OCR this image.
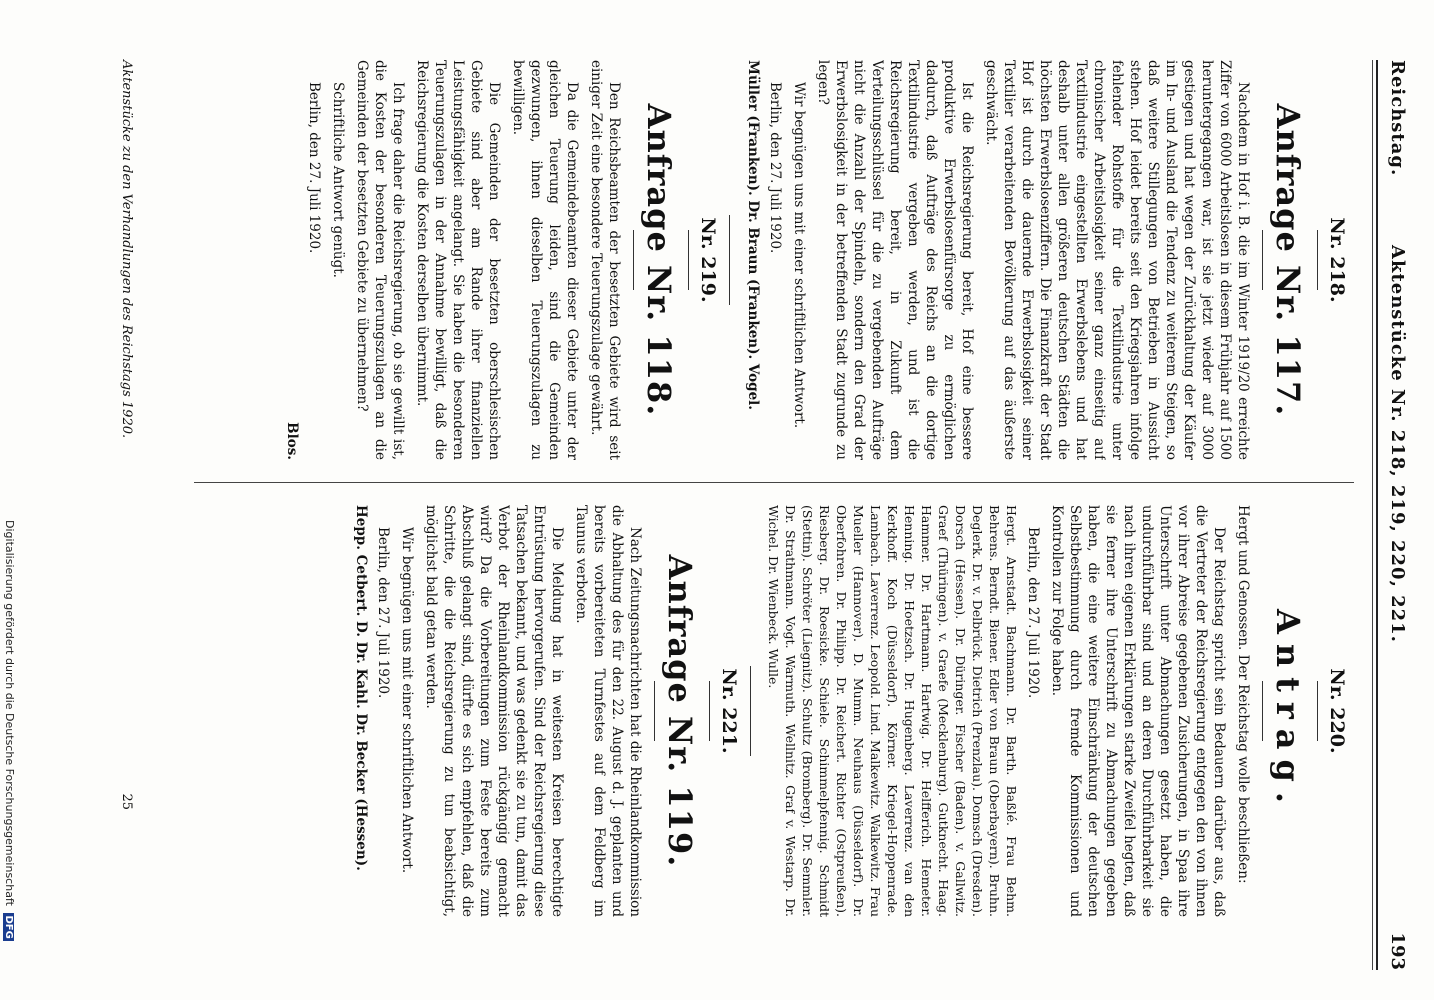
Reichstag.
Aktenstücke Nr. 218, 219, 220, 221.
193
Nr. 218.
Anfrage Nr. 117.

Nachdem in Hof i. B. die im Winter 1919/20 erreichte Ziffer von 6000 Arbeitslosen in diesem Frühjahr auf 1500 heruntergegangen war, ist sie jetzt wieder auf 3000 gestiegen und hat wegen der Zurückhaltung der Käufer im In- und Ausland die Tendenz zu weiterem Steigen, so daß weitere Stillegungen von Betrieben in Aussicht stehen. Hof leidet bereits seit den Kriegsjahren infolge fehlender Rohstoffe für die Textilindustrie unter chronischer Arbeitslosigkeit seiner ganz einseitig auf Textilindustrie eingestellten Erwerbslebens und hat deshalb unter allen größeren deutschen Städten die höchsten Erwerbslosenziffern. Die Finanzkraft der Stadt Hof ist durch die dauernde Erwerbslosigkeit seiner Textilier verarbeitenden Bevölkerung auf das äußerste geschwächt.

Ist die Reichsregierung bereit, Hof eine bessere produktive Erwerbslosenfürsorge zu ermöglichen dadurch, daß Aufträge des Reichs an die dortige Textilindustrie vergeben werden, und ist die Reichsregierung bereit, in Zukunft dem Verteilungsschlüssel für die zu vergebenden Aufträge nicht die Anzahl der Spindeln, sondern den Grad der Erwerbslosigkeit in der betreffenden Stadt zugrunde zu legen?

Wir begnügen uns mit einer schriftlichen Antwort.

Berlin, den 27. Juli 1920.
Müller (Franken). Dr. Braun (Franken). Vogel.
Nr. 219.
Anfrage Nr. 118.

Den Reichsbeamten der besetzten Gebiete wird seit einiger Zeit eine besondere Teuerungszulage gewährt.

Da die Gemeindebeamten dieser Gebiete unter der gleichen Teuerung leiden, sind die Gemeinden gezwungen, ihnen dieselben Teuerungszulagen zu bewilligen.

Die Gemeinden der besetzten oberschlesischen Gebiete sind aber am Rande ihrer finanziellen Leistungsfähigkeit angelangt. Sie haben die besonderen Teuerungszulagen in der Annahme bewilligt, daß die Reichsregierung die Kosten derselben übernimmt.

Ich frage daher die Reichsregierung, ob sie gewillt ist, die Kosten der besonderen Teuerungszulagen an die Gemeinden der besetzten Gebiete zu übernehmen?

Schriftliche Antwort genügt.

Berlin, den 27. Juli 1920.
Blos.
Nr. 220.
Antrag.

Hergt und Genossen. Der Reichstag wolle beschließen:

Der Reichstag spricht sein Bedauern darüber aus, daß die Vertreter der Reichsregierung entgegen den von ihnen vor ihrer Abreise gegebenen Zusicherungen, in Spaa ihre Unterschrift unter Abmachungen gesetzt haben, die undurchführbar sind und an deren Durchführbarkeit sie nach ihren eigenen Erklärungen starke Zweifel hegten, daß sie ferner ihre Unterschrift zu Abmachungen gegeben haben, die eine weitere Einschränkung der deutschen Selbstbestimmung durch fremde Kommissionen und Kontrollen zur Folge haben.

Berlin, den 27. Juli 1920.
Hergt. Arnstadt. Bachmann. Dr. Barth. Baßlé. Frau Behm. Behrens. Berndt. Biener. Edler von Braun (Oberbayern). Bruhn. Deglerk. Dr. v. Delbrück. Dietrich (Prenzlau). Domsch (Dresden). Dorsch (Hessen). Dr. Düringer. Fischer (Baden). v. Gallwitz. Graef (Thüringen). v. Graefe (Mecklenburg). Gutknecht. Haag. Hammer. Dr. Hartmann. Hartwig. Dr. Helfferich. Hemeter. Henning. Dr. Hoetzsch. Dr. Hugenberg. Laverrenz. van den Kerkhoff. Koch (Düsseldorf). Körner. Kriegel-Hoppenrade. Lambach. Laverrenz. Leopold. Lind. Malkewitz. Walkewitz. Frau Mueller (Hannover). D. Mumm. Neuhaus (Düsseldorf). Dr. Oberfohren. Dr. Philipp. Dr. Reichert. Richter (Ostpreußen). Riesberg. Dr. Roesicke. Schiele. Schimmelpfennig. Schmidt (Stettin). Schröter (Liegnitz). Schultz (Bromberg). Dr. Semmler. Dr. Strathmann. Vogt. Warmuth. Wellnitz. Graf v. Westarp. Dr. Wichel. Dr. Wienbeck. Wulle.
Nr. 221.
Anfrage Nr. 119.

Nach Zeitungsnachrichten hat die Rheinlandkommission die Abhaltung des für den 22. August d. J. geplanten und bereits vorbereiteten Turnfestes auf dem Feldberg im Taunus verboten.

Die Meldung hat in weitesten Kreisen berechtigte Entrüstung hervorgerufen. Sind der Reichsregierung diese Tatsachen bekannt, und was gedenkt sie zu tun, damit das Verbot der Rheinlandkommission rückgängig gemacht wird? Da die Vorbereitungen zum Feste bereits zum Abschluß gelangt sind, dürfte es sich empfehlen, daß die Schritte, die die Reichsregierung zu tun beabsichtigt, möglichst bald getan werden.

Wir begnügen uns mit einer schriftlichen Antwort.

Berlin, den 27. Juli 1920.
Hepp. Cetbert. D. Dr. Kahl. Dr. Becker (Hessen).
Aktenstücke zu den Verhandlungen des Reichstags 1920.
25
Digitalisierung gefördert durch die Deutsche Forschungsgemeinschaft DFG
